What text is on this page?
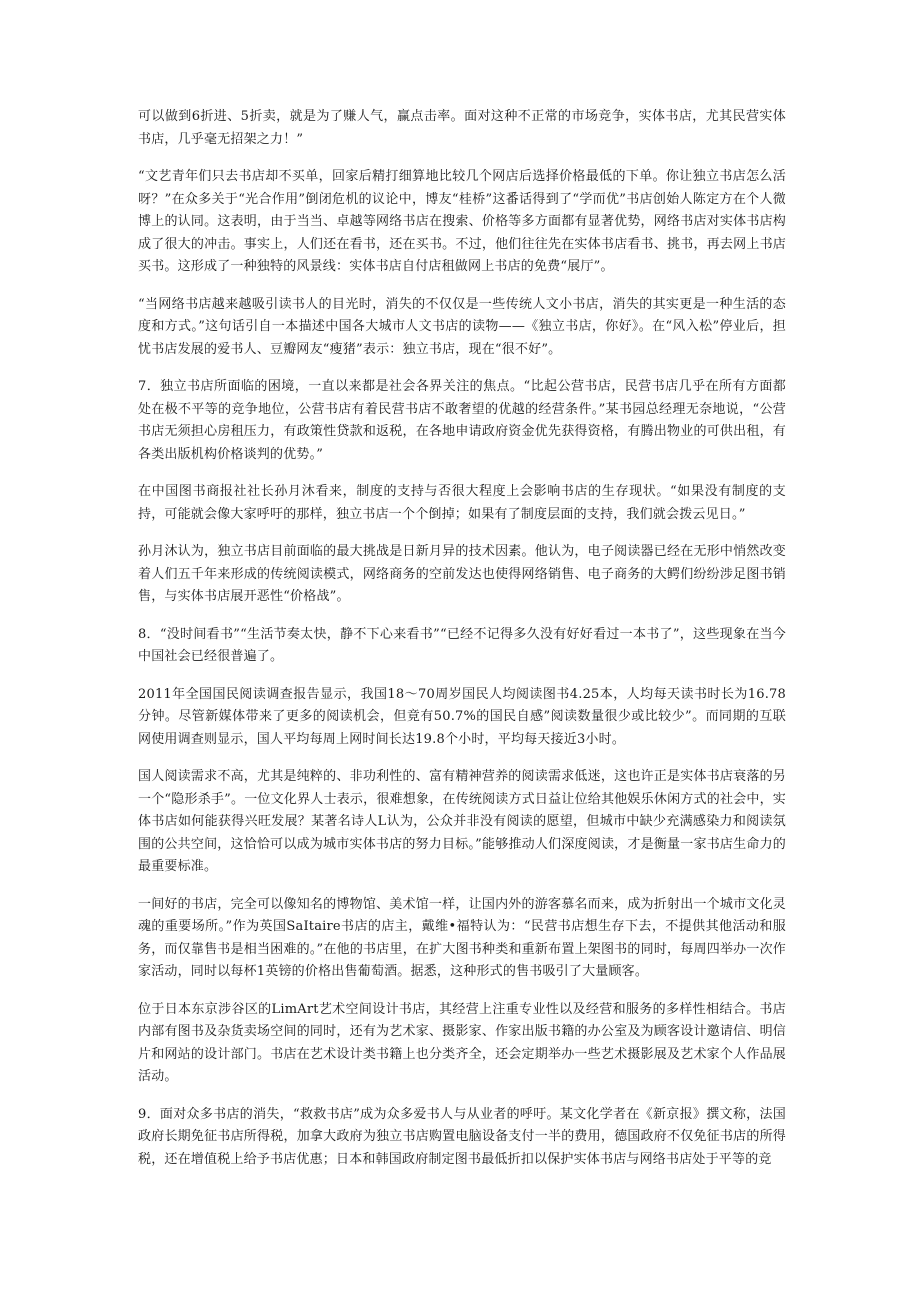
可以做到6折进、5折卖，就是为了赚人气，赢点击率。面对这种不正常的市场竞争，实体书店，尤其民营实体书店，几乎毫无招架之力！”

“文艺青年们只去书店却不买单，回家后精打细算地比较几个网店后选择价格最低的下单。你让独立书店怎么活呀？”在众多关于“光合作用”倒闭危机的议论中，博友“桂桥”这番话得到了“学而优”书店创始人陈定方在个人微博上的认同。这表明，由于当当、卓越等网络书店在搜索、价格等多方面都有显著优势，网络书店对实体书店构成了很大的冲击。事实上，人们还在看书，还在买书。不过，他们往往先在实体书店看书、挑书，再去网上书店买书。这形成了一种独特的风景线：实体书店自付店租做网上书店的免费“展厅”。

“当网络书店越来越吸引读书人的目光时，消失的不仅仅是一些传统人文小书店，消失的其实更是一种生活的态度和方式。”这句话引自一本描述中国各大城市人文书店的读物——《独立书店，你好》。在“风入松”停业后，担忧书店发展的爱书人、豆瓣网友“瘦猪”表示：独立书店，现在“很不好”。

7．独立书店所面临的困境，一直以来都是社会各界关注的焦点。“比起公营书店，民营书店几乎在所有方面都处在极不平等的竞争地位，公营书店有着民营书店不敢奢望的优越的经营条件。”某书园总经理无奈地说，“公营书店无须担心房租压力，有政策性贷款和返税，在各地申请政府资金优先获得资格，有腾出物业的可供出租，有各类出版机构价格谈判的优势。”

在中国图书商报社社长孙月沐看来，制度的支持与否很大程度上会影响书店的生存现状。“如果没有制度的支持，可能就会像大家呼吁的那样，独立书店一个个倒掉；如果有了制度层面的支持，我们就会拨云见日。”

孙月沐认为，独立书店目前面临的最大挑战是日新月异的技术因素。他认为，电子阅读器已经在无形中悄然改变着人们五千年来形成的传统阅读模式，网络商务的空前发达也使得网络销售、电子商务的大鳄们纷纷涉足图书销售，与实体书店展开恶性“价格战”。

8．“没时间看书”“生活节奏太快，静不下心来看书”“已经不记得多久没有好好看过一本书了”，这些现象在当今中国社会已经很普遍了。

2011年全国国民阅读调查报告显示，我国18～70周岁国民人均阅读图书4.25本，人均每天读书时长为16.78分钟。尽管新媒体带来了更多的阅读机会，但竟有50.7%的国民自感”阅读数量很少或比较少”。而同期的互联网使用调查则显示，国人平均每周上网时间长达19.8个小时，平均每天接近3小时。

国人阅读需求不高，尤其是纯粹的、非功利性的、富有精神营养的阅读需求低迷，这也许正是实体书店衰落的另一个“隐形杀手”。一位文化界人士表示，很难想象，在传统阅读方式日益让位给其他娱乐休闲方式的社会中，实体书店如何能获得兴旺发展？某著名诗人L认为，公众并非没有阅读的愿望，但城市中缺少充满感染力和阅读氛围的公共空间，这恰恰可以成为城市实体书店的努力目标。”能够推动人们深度阅读，才是衡量一家书店生命力的最重要标准。

一间好的书店，完全可以像知名的博物馆、美术馆一样，让国内外的游客慕名而来，成为折射出一个城市文化灵魂的重要场所。”作为英国SaItaire书店的店主，戴维•福特认为：“民营书店想生存下去，不提供其他活动和服务，而仅靠售书是相当困难的。”在他的书店里，在扩大图书种类和重新布置上架图书的同时，每周四举办一次作家活动，同时以每杯1英镑的价格出售葡萄酒。据悉，这种形式的售书吸引了大量顾客。

位于日本东京涉谷区的LimArt艺术空间设计书店，其经营上注重专业性以及经营和服务的多样性相结合。书店内部有图书及杂货卖场空间的同时，还有为艺术家、摄影家、作家出版书籍的办公室及为顾客设计邀请信、明信片和网站的设计部门。书店在艺术设计类书籍上也分类齐全，还会定期举办一些艺术摄影展及艺术家个人作品展活动。

9．面对众多书店的消失，“救救书店”成为众多爱书人与从业者的呼吁。某文化学者在《新京报》撰文称，法国政府长期免征书店所得税，加拿大政府为独立书店购置电脑设备支付一半的费用，德国政府不仅免征书店的所得税，还在增值税上给予书店优惠；日本和韩国政府制定图书最低折扣以保护实体书店与网络书店处于平等的竞
